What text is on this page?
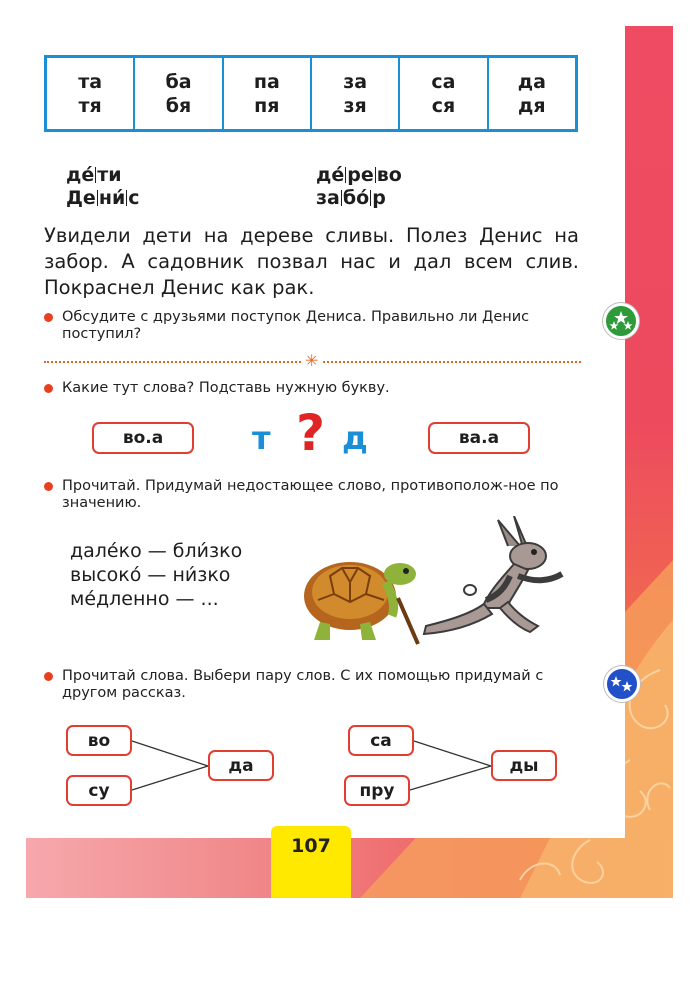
та
тя
ба
бя
па
пя
за
зя
са
ся
да
дя
де́ ти
Де ни́ с
де́ ре во
за бо́ р
Увидели дети на дереве сливы. Полез Денис на забор. А садовник позвал нас и дал всем слив. Покраснел Денис как рак.
Обсудите с друзьями поступок Дениса. Правильно ли Денис поступил?
✳
Какие тут слова? Подставь нужную букву.
во.а	т ? д	ва.а
Прочитай. Придумай недостающее слово, противополож-ное по значению.
дале́ко — бли́зко
высоко́ — ни́зко
ме́дленно — ...
Прочитай слова. Выбери пару слов. С их помощью придумай с другом рассказ.
во
су
да
са
пру
ды
107
